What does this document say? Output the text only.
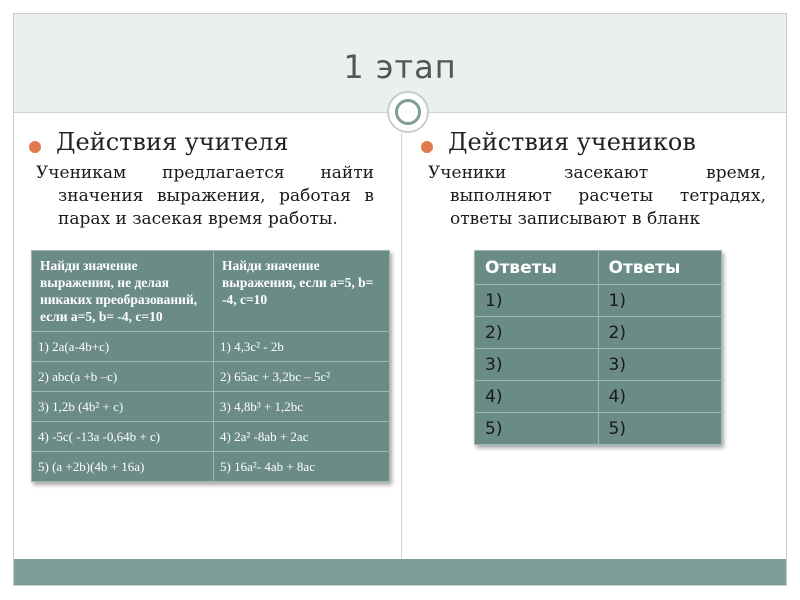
1 этап
Действия учителя
Ученикам предлагается найти значения выражения, работая в парах и засекая время работы.
Найди значение выражения, не делая никаких преобразований, если a=5, b= -4, c=10	Найди значение выражения, если a=5, b= -4, c=10
1) 2a(a-4b+c)	1) 4,3c² - 2b
2) abc(a +b –c)	2) 65ac + 3,2bc – 5c²
3) 1,2b (4b² + c)	3) 4,8b³ + 1,2bc
4) -5c( -13a -0,64b + c)	4) 2a² -8ab + 2ac
5) (a +2b)(4b + 16a)	5) 16a²- 4ab + 8ac
Действия учеников
Ученики засекают время, выполняют расчеты тетрадях, ответы записывают в бланк
Ответы	Ответы
1)	1)
2)	2)
3)	3)
4)	4)
5)	5)
